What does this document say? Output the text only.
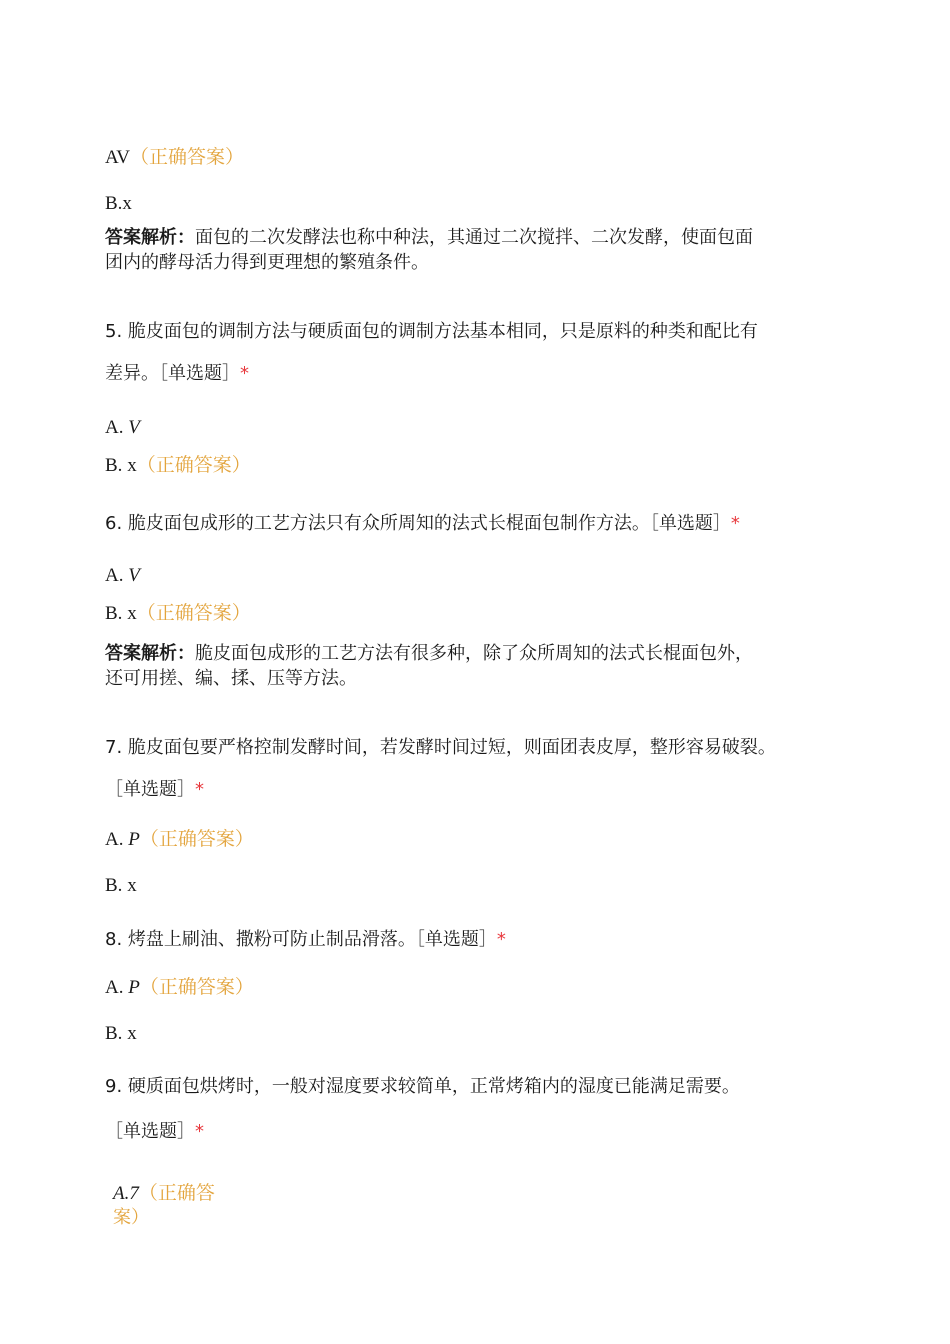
AV（正确答案）
B.x
答案解析：面包的二次发酵法也称中种法，其通过二次搅拌、二次发酵，使面包面
团内的酵母活力得到更理想的繁殖条件。
5. 脆皮面包的调制方法与硬质面包的调制方法基本相同，只是原料的种类和配比有
差异。［单选题］*
A. V
B. x（正确答案）
6. 脆皮面包成形的工艺方法只有众所周知的法式长棍面包制作方法。［单选题］*
A. V
B. x（正确答案）
答案解析：脆皮面包成形的工艺方法有很多种，除了众所周知的法式长棍面包外，
还可用搓、编、揉、压等方法。
7. 脆皮面包要严格控制发酵时间，若发酵时间过短，则面团表皮厚，整形容易破裂。
［单选题］*
A. P（正确答案）
B. x
8. 烤盘上刷油、撒粉可防止制品滑落。［单选题］*
A. P（正确答案）
B. x
9. 硬质面包烘烤时，一般对湿度要求较简单，正常烤箱内的湿度已能满足需要。
［单选题］*
A.7（正确答
案）
